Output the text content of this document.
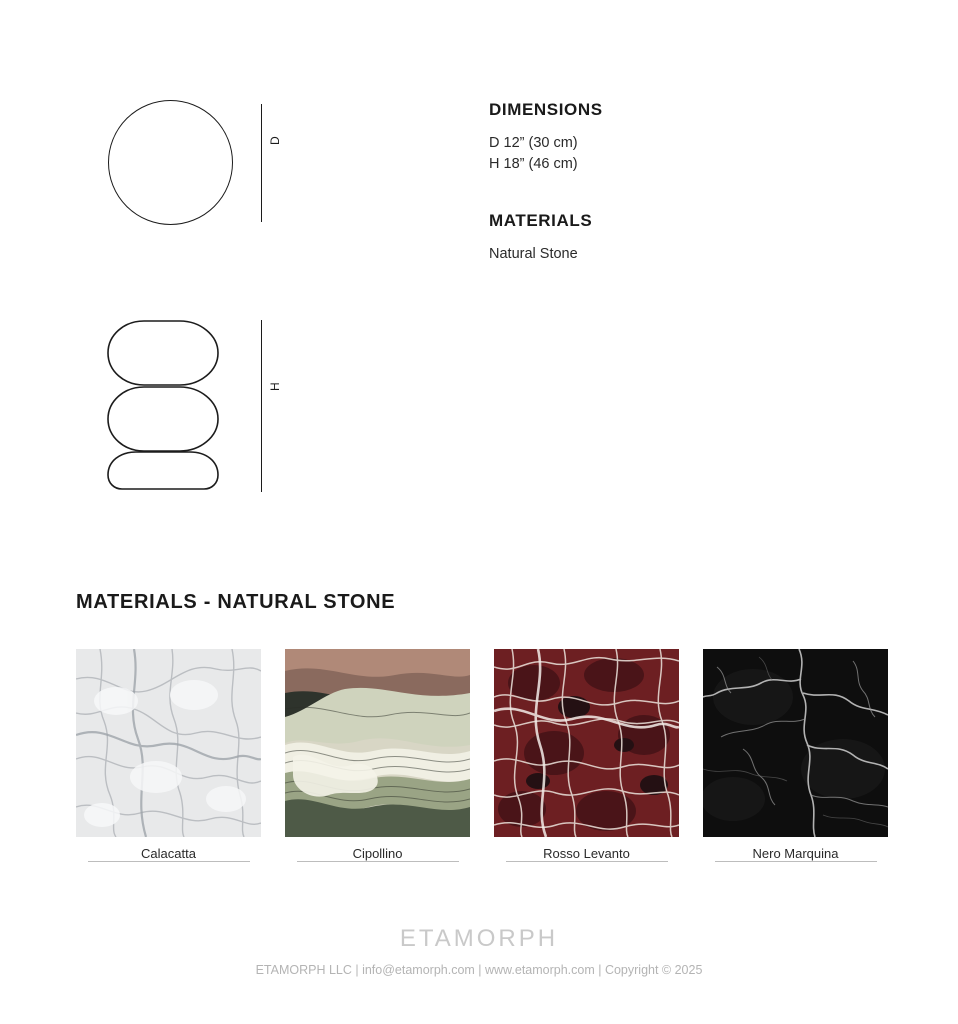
D
H
DIMENSIONS
D 12” (30 cm)
H 18” (46 cm)
MATERIALS
Natural Stone
MATERIALS - NATURAL STONE
Calacatta	Cipollino	Rosso Levanto	Nero Marquina
ETAMORPH
ETAMORPH LLC | info@etamorph.com | www.etamorph.com | Copyright © 2025
